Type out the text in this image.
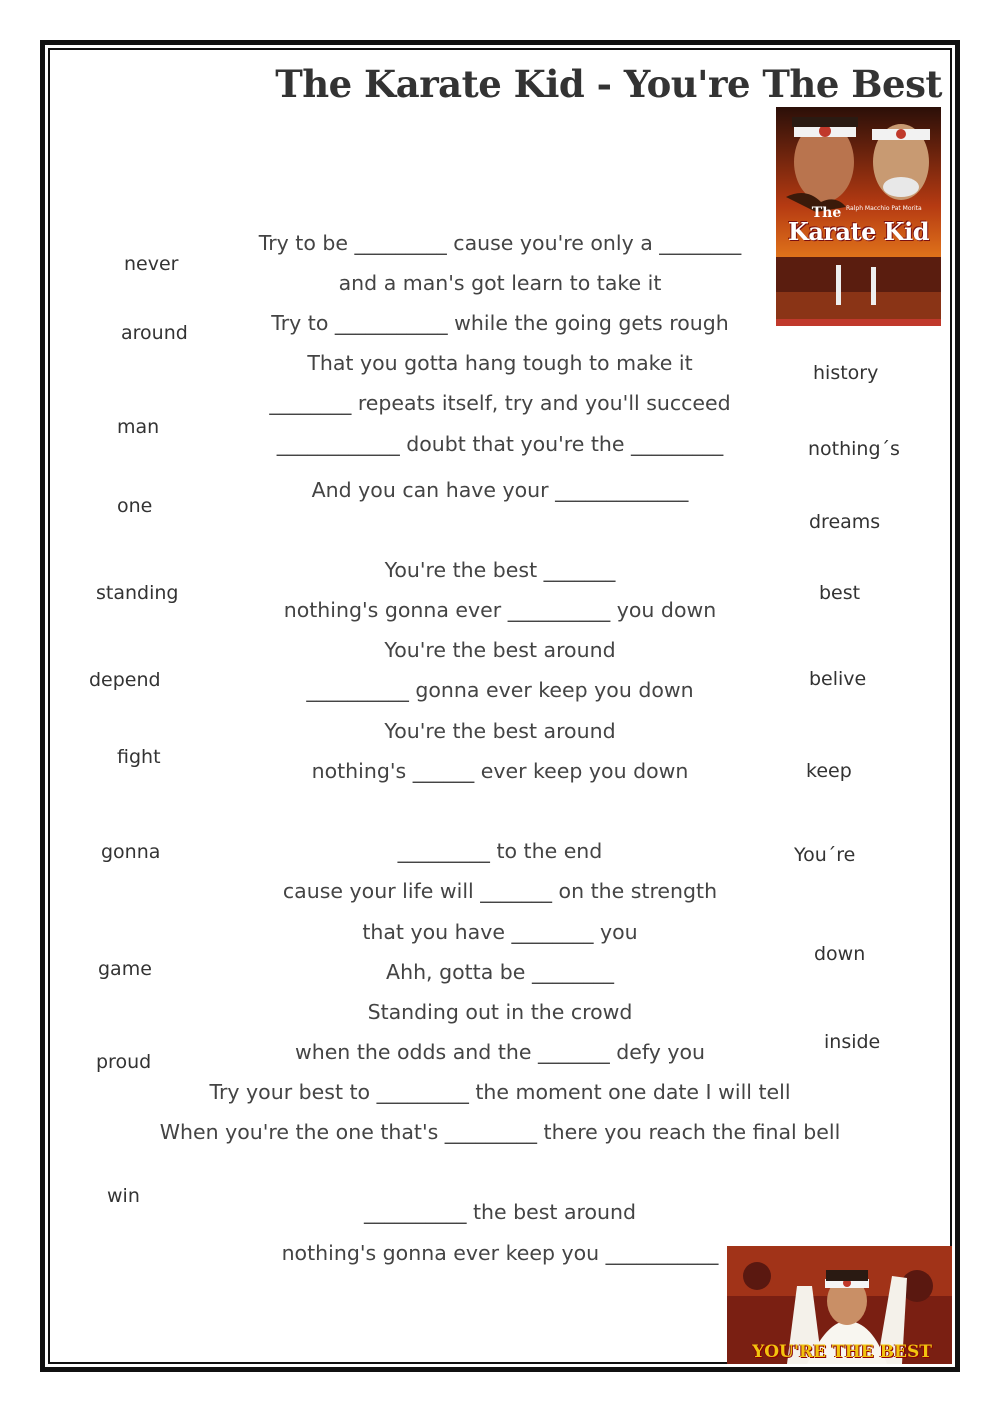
The Karate Kid - You're The Best
Ralph Macchio Pat Morita
The
Karate Kid
YOU'RE THE BEST
never
around
man
one
standing
depend
fight
gonna
game
proud
win
history
nothing´s
dreams
best
belive
keep
You´re
down
inside
Try to be _________ cause you're only a ________
and a man's got learn to take it
Try to ___________ while the going gets rough
That you gotta hang tough to make it
________ repeats itself, try and you'll succeed
____________ doubt that you're the _________
And you can have your _____________
You're the best _______
nothing's gonna ever __________ you down
You're the best around
__________ gonna ever keep you down
You're the best around
nothing's ______ ever keep you down
_________ to the end
cause your life will _______ on the strength
that you have ________ you
Ahh, gotta be ________
Standing out in the crowd
when the odds and the _______ defy you
Try your best to _________ the moment one date I will tell
When you're the one that's _________ there you reach the final bell
__________ the best around
nothing's gonna ever keep you ___________
